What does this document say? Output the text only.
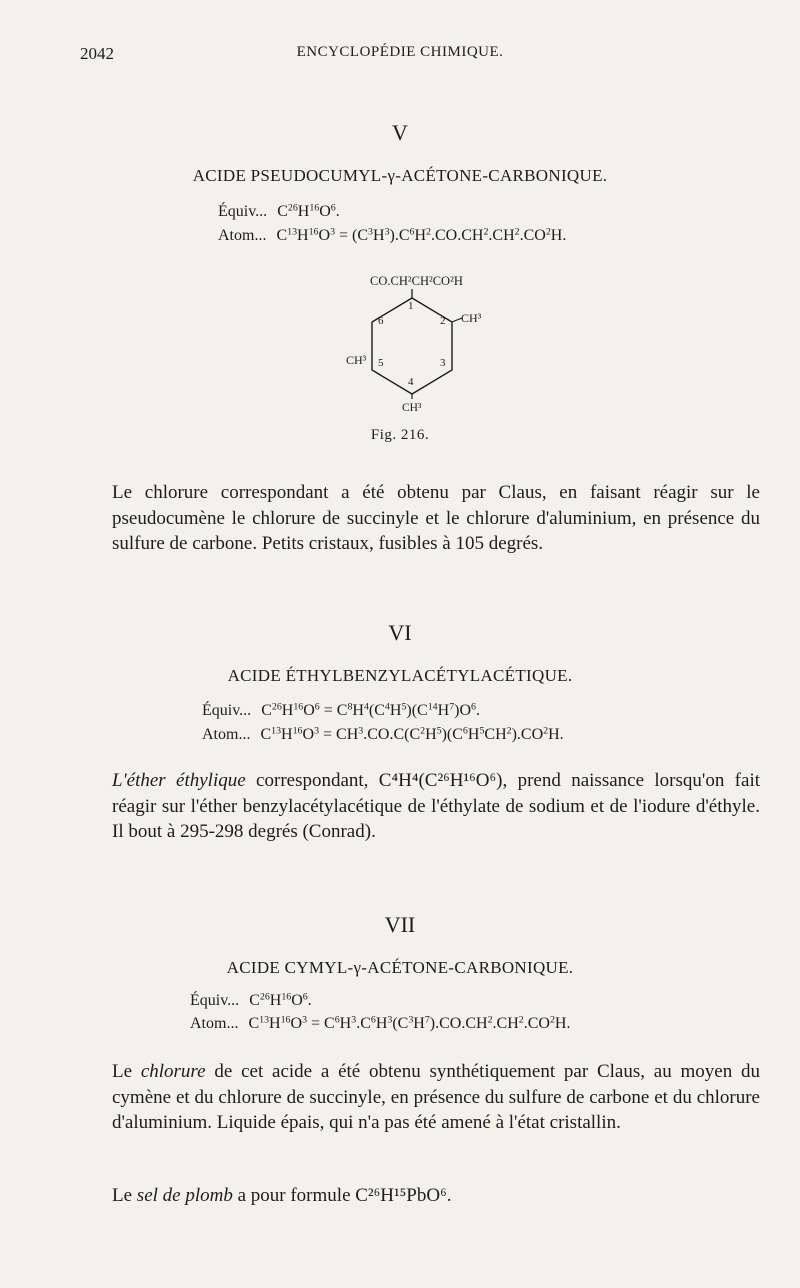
2042	ENCYCLOPÉDIE CHIMIQUE.
V
ACIDE PSEUDOCUMYL-γ-ACÉTONE-CARBONIQUE.
Équiv... $C^{26}H^{16}O^6$.
Atom... $C^{13}H^{16}O^3 = (C^3H^3).C^6H^2.CO.CH^2.CH^2.CO^2H$.
CO.CH²CH²CO²H
CH³
CH³
CH³
1
2
3
4
5
6
Fig. 216.
Le chlorure correspondant a été obtenu par Claus, en faisant réagir sur le pseudocumène le chlorure de succinyle et le chlorure d'aluminium, en présence du sulfure de carbone. Petits cristaux, fusibles à 105 degrés.
VI
ACIDE ÉTHYLBENZYLACÉTYLACÉTIQUE.
Équiv... $C^{26}H^{16}O^6 = C^8H^4(C^4H^5)(C^{14}H^7)O^6$.
Atom... $C^{13}H^{16}O^3 = CH^3.CO.C(C^2H^5)(C^6H^5CH^2).CO^2H$.
L'éther éthylique correspondant, C⁴H⁴(C²⁶H¹⁶O⁶), prend naissance lorsqu'on fait réagir sur l'éther benzylacétylacétique de l'éthylate de sodium et de l'iodure d'éthyle. Il bout à 295-298 degrés (Conrad).
VII
ACIDE CYMYL-γ-ACÉTONE-CARBONIQUE.
Équiv... $C^{26}H^{16}O^6$.
Atom... $C^{13}H^{16}O^3 = C^6H^3.C^6H^3(C^3H^7).CO.CH^2.CH^2.CO^2H$.
Le chlorure de cet acide a été obtenu synthétiquement par Claus, au moyen du cymène et du chlorure de succinyle, en présence du sulfure de carbone et du chlorure d'aluminium. Liquide épais, qui n'a pas été amené à l'état cristallin.
Le sel de plomb a pour formule C²⁶H¹⁵PbO⁶.
